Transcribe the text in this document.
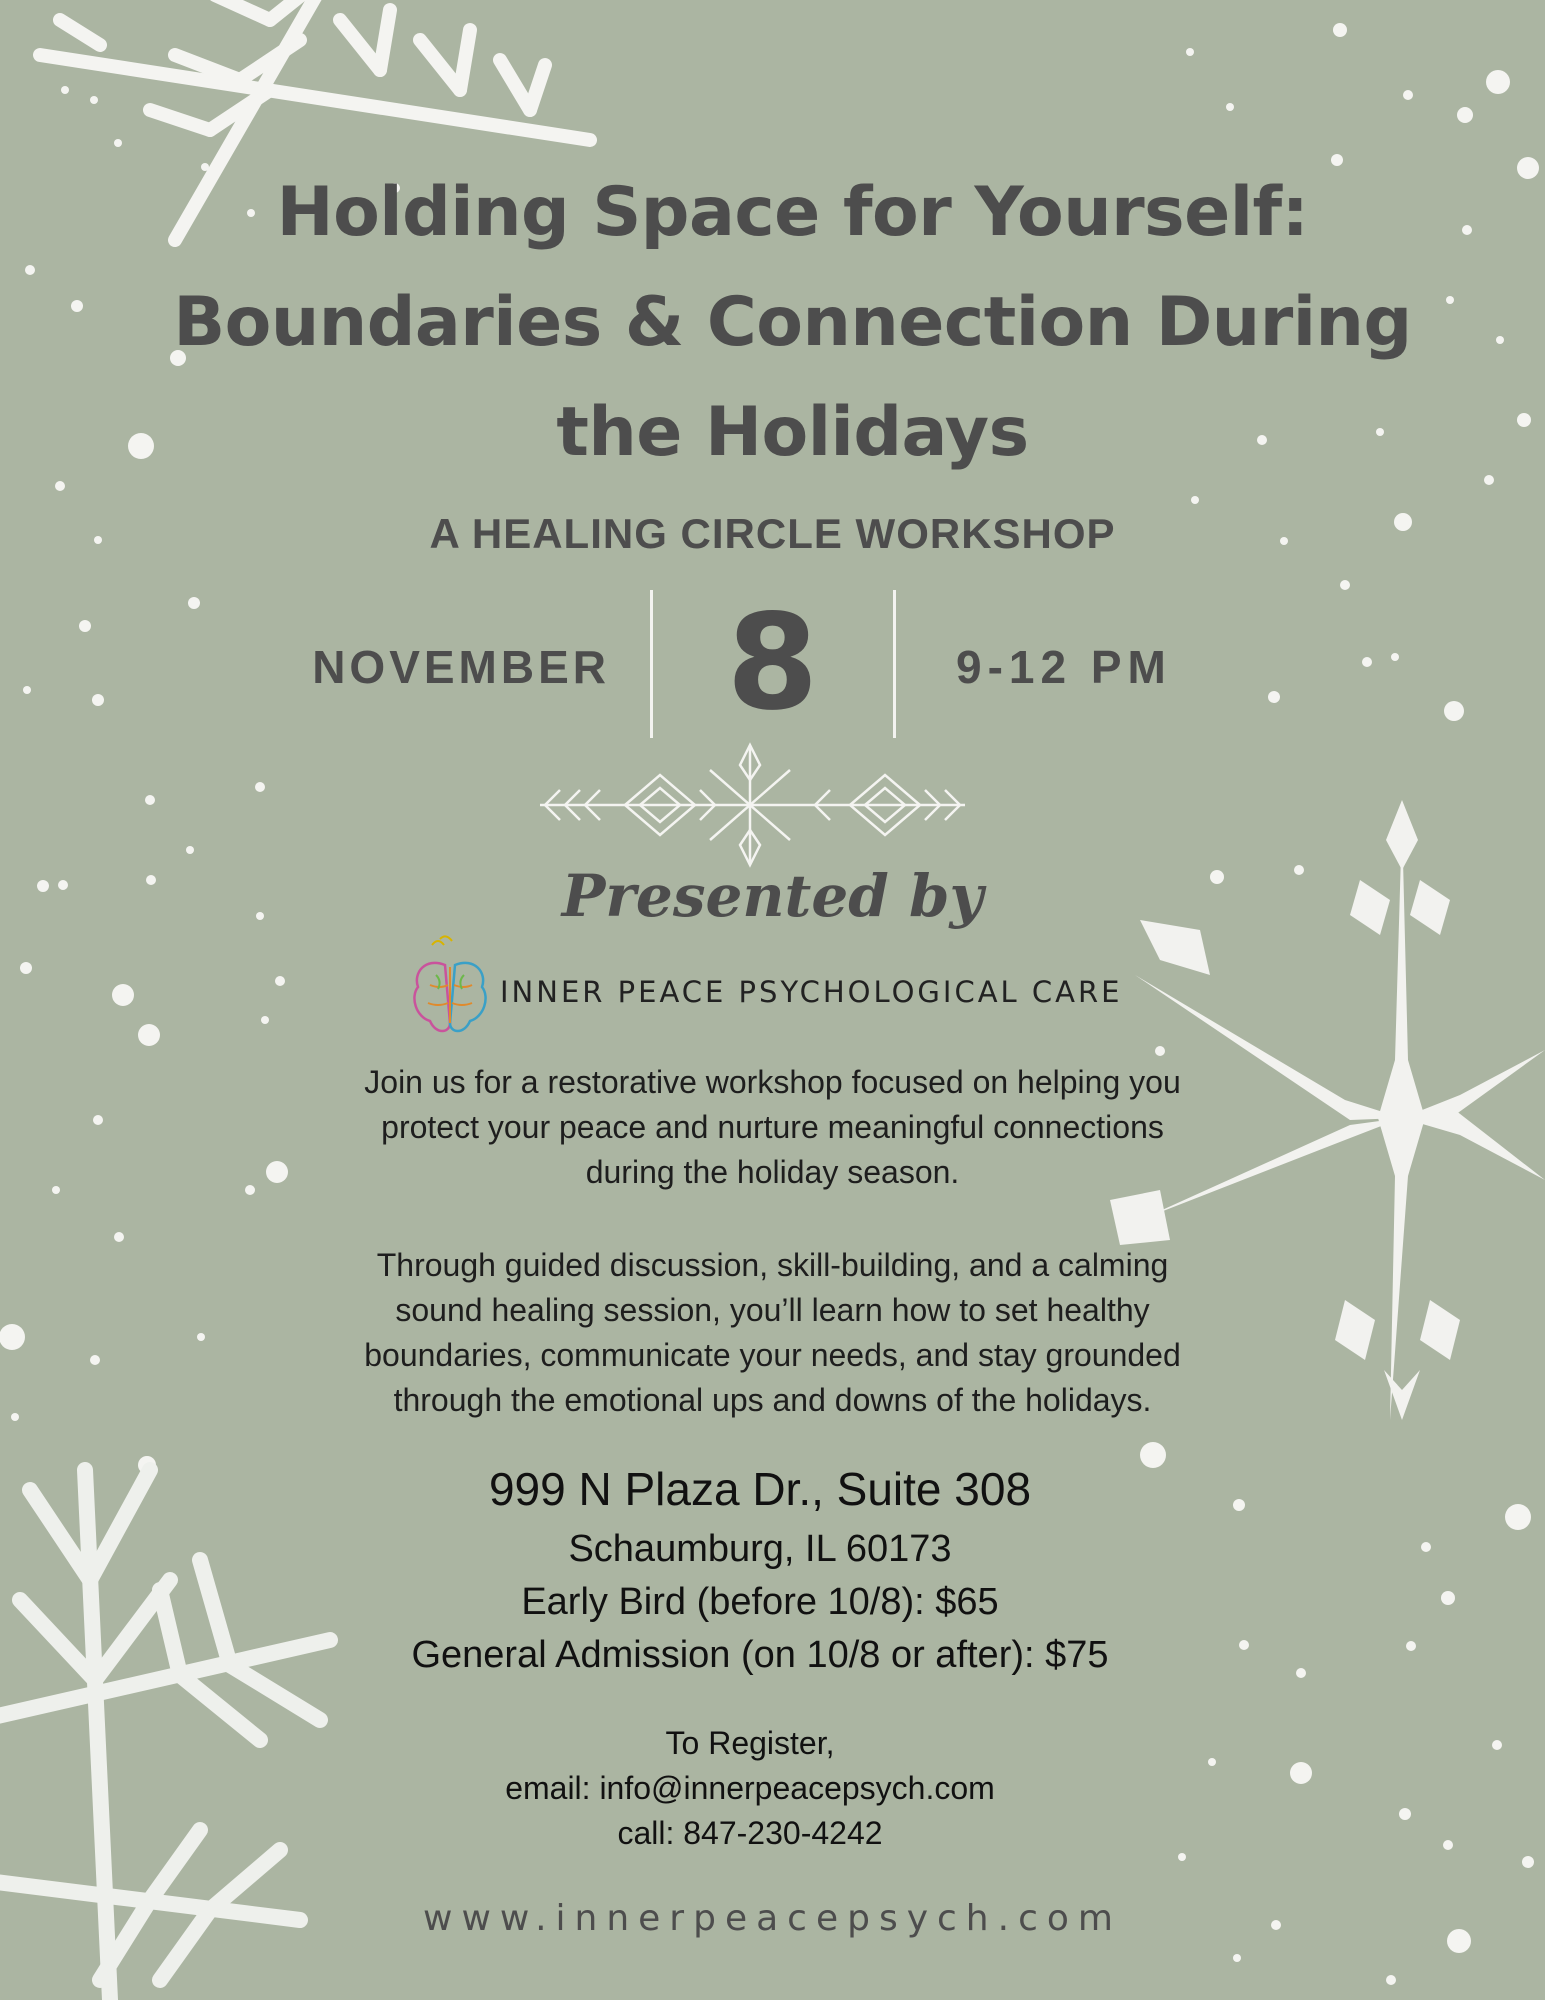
Holding Space for Yourself:
Boundaries & Connection During
the Holidays
A HEALING CIRCLE WORKSHOP
NOVEMBER 8	9-12 PM
Presented by
INNER PEACE PSYCHOLOGICAL CARE

Join us for a restorative workshop focused on helping you
protect your peace and nurture meaningful connections
during the holiday season.

Through guided discussion, skill-building, and a calming
sound healing session, you’ll learn how to set healthy
boundaries, communicate your needs, and stay grounded
through the emotional ups and downs of the holidays.

999 N Plaza Dr., Suite 308
Schaumburg, IL 60173
Early Bird (before 10/8): $65
General Admission (on 10/8 or after): $75
To Register,
email: info@innerpeacepsych.com
call: 847-230-4242
www.innerpeacepsych.com
